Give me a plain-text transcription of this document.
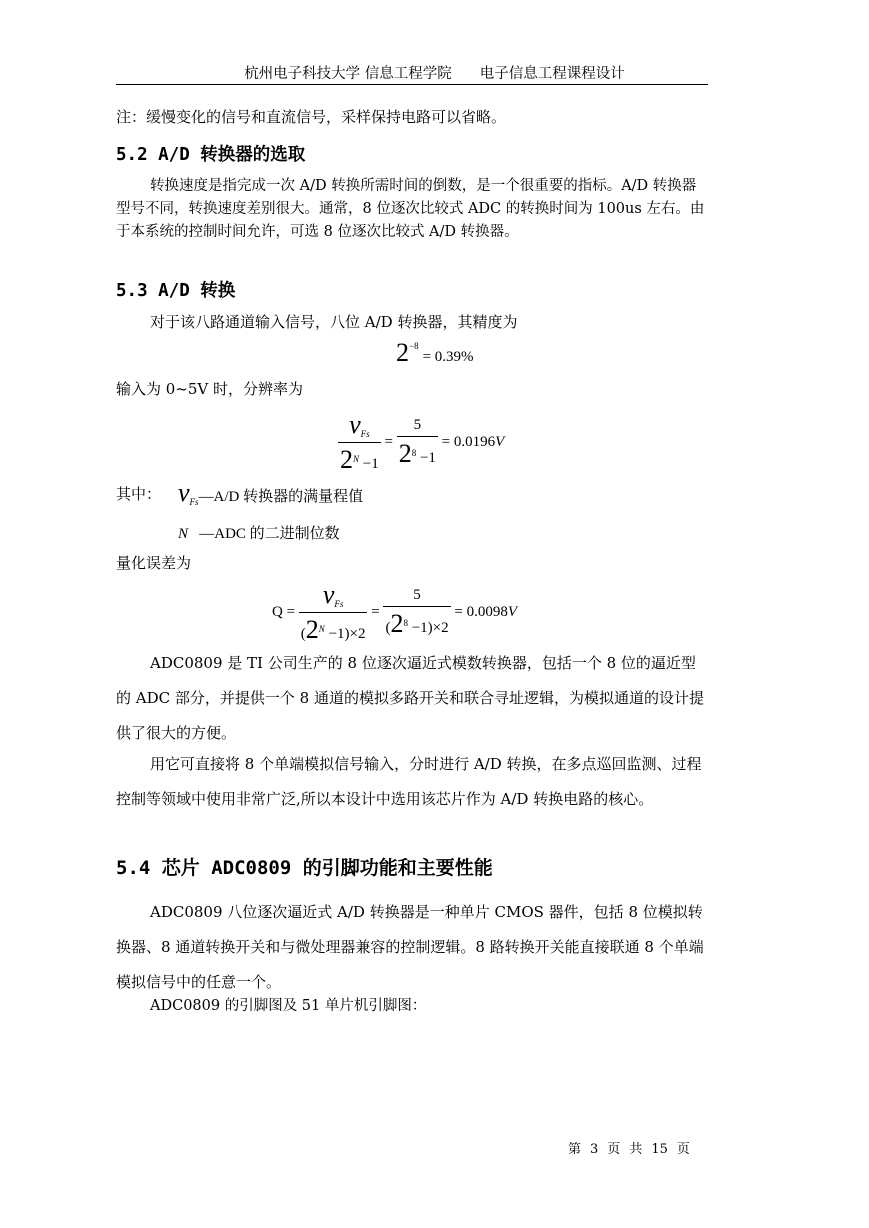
杭州电子科技大学 信息工程学院 电子信息工程课程设计
注：缓慢变化的信号和直流信号，采样保持电路可以省略。
5.2 A/D 转换器的选取
转换速度是指完成一次 A/D 转换所需时间的倒数，是一个很重要的指标。A/D 转换器型号不同，转换速度差别很大。通常，8 位逐次比较式 ADC 的转换时间为 100us 左右。由于本系统的控制时间允许，可选 8 位逐次比较式 A/D 转换器。
5.3 A/D 转换
对于该八路通道输入信号，八位 A/D 转换器，其精度为
$2^{-8} = 0.39\%$
输入为 0~5V 时，分辨率为
$\frac{v_{Fs}}{2^N -1} = \frac{5}{2^8 -1} = 0.0196V$
其中： $v_{Fs}—A/D$ 转换器的满量程值
N —ADC 的二进制位数
量化误差为
$Q = \frac{v_{Fs}}{(2^N -1)\times 2} = \frac{5}{(2^8 -1)\times 2} = 0.0098V$
ADC0809 是 TI 公司生产的 8 位逐次逼近式模数转换器，包括一个 8 位的逼近型的 ADC 部分，并提供一个 8 通道的模拟多路开关和联合寻址逻辑，为模拟通道的设计提供了很大的方便。
用它可直接将 8 个单端模拟信号输入，分时进行 A/D 转换，在多点巡回监测、过程控制等领域中使用非常广泛,所以本设计中选用该芯片作为 A/D 转换电路的核心。
5.4 芯片 ADC0809 的引脚功能和主要性能
ADC0809 八位逐次逼近式 A/D 转换器是一种单片 CMOS 器件，包括 8 位模拟转换器、8 通道转换开关和与微处理器兼容的控制逻辑。8 路转换开关能直接联通 8 个单端模拟信号中的任意一个。
ADC0809 的引脚图及 51 单片机引脚图：
第 3 页 共 15 页
